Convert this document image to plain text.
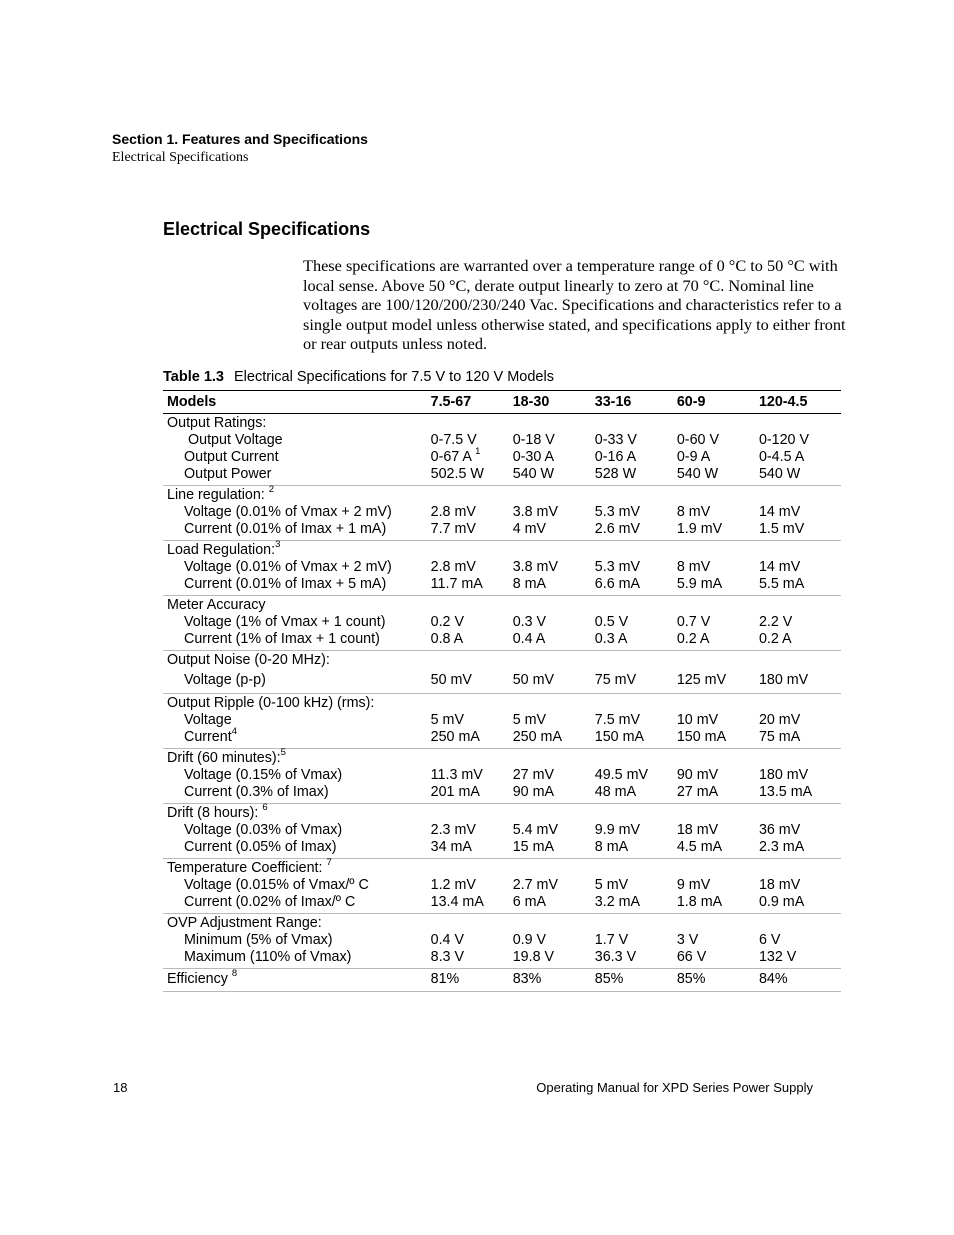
Section 1. Features and Specifications
Electrical Specifications
Electrical Specifications

These specifications are warranted over a temperature range of 0 °C to 50 °C with local sense. Above 50 °C, derate output linearly to zero at 70 °C. Nominal line voltages are 100/120/200/230/240 Vac. Specifications and characteristics refer to a single output model unless otherwise stated, and specifications apply to either front or rear outputs unless noted.

Table 1.3 Electrical Specifications for 7.5 V to 120 V Models
Models	7.5-67	18-30	33-16	60-9	120-4.5
Output Ratings:
Output Voltage	0-7.5 V	0-18 V	0-33 V	0-60 V	0-120 V
Output Current	0-67 A $^1$	0-30 A	0-16 A	0-9 A	0-4.5 A
Output Power	502.5 W	540 W	528 W	540 W	540 W
Line regulation: $^2$
Voltage (0.01% of Vmax + 2 mV)	2.8 mV	3.8 mV	5.3 mV	8 mV	14 mV
Current (0.01% of Imax + 1 mA)	7.7 mV	4 mV	2.6 mV	1.9 mV	1.5 mV
Load Regulation:$^3$
Voltage (0.01% of Vmax + 2 mV)	2.8 mV	3.8 mV	5.3 mV	8 mV	14 mV
Current (0.01% of Imax + 5 mA)	11.7 mA	8 mA	6.6 mA	5.9 mA	5.5 mA
Meter Accuracy
Voltage (1% of Vmax + 1 count)	0.2 V	0.3 V	0.5 V	0.7 V	2.2 V
Current (1% of Imax + 1 count)	0.8 A	0.4 A	0.3 A	0.2 A	0.2 A
Output Noise (0-20 MHz):
Voltage (p-p)	50 mV	50 mV	75 mV	125 mV	180 mV
Output Ripple (0-100 kHz) (rms):
Voltage	5 mV	5 mV	7.5 mV	10 mV	20 mV
Current$^4$	250 mA	250 mA	150 mA	150 mA	75 mA
Drift (60 minutes):$^5$
Voltage (0.15% of Vmax)	11.3 mV	27 mV	49.5 mV	90 mV	180 mV
Current (0.3% of Imax)	201 mA	90 mA	48 mA	27 mA	13.5 mA
Drift (8 hours): $^6$
Voltage (0.03% of Vmax)	2.3 mV	5.4 mV	9.9 mV	18 mV	36 mV
Current (0.05% of Imax)	34 mA	15 mA	8 mA	4.5 mA	2.3 mA
Temperature Coefficient: $^7$
Voltage (0.015% of Vmax/º C	1.2 mV	2.7 mV	5 mV	9 mV	18 mV
Current (0.02% of Imax/º C	13.4 mA	6 mA	3.2 mA	1.8 mA	0.9 mA
OVP Adjustment Range:
Minimum (5% of Vmax)	0.4 V	0.9 V	1.7 V	3 V	6 V
Maximum (110% of Vmax)	8.3 V	19.8 V	36.3 V	66 V	132 V
Efficiency $^8$	81%	83%	85%	85%	84%
18	Operating Manual for XPD Series Power Supply
